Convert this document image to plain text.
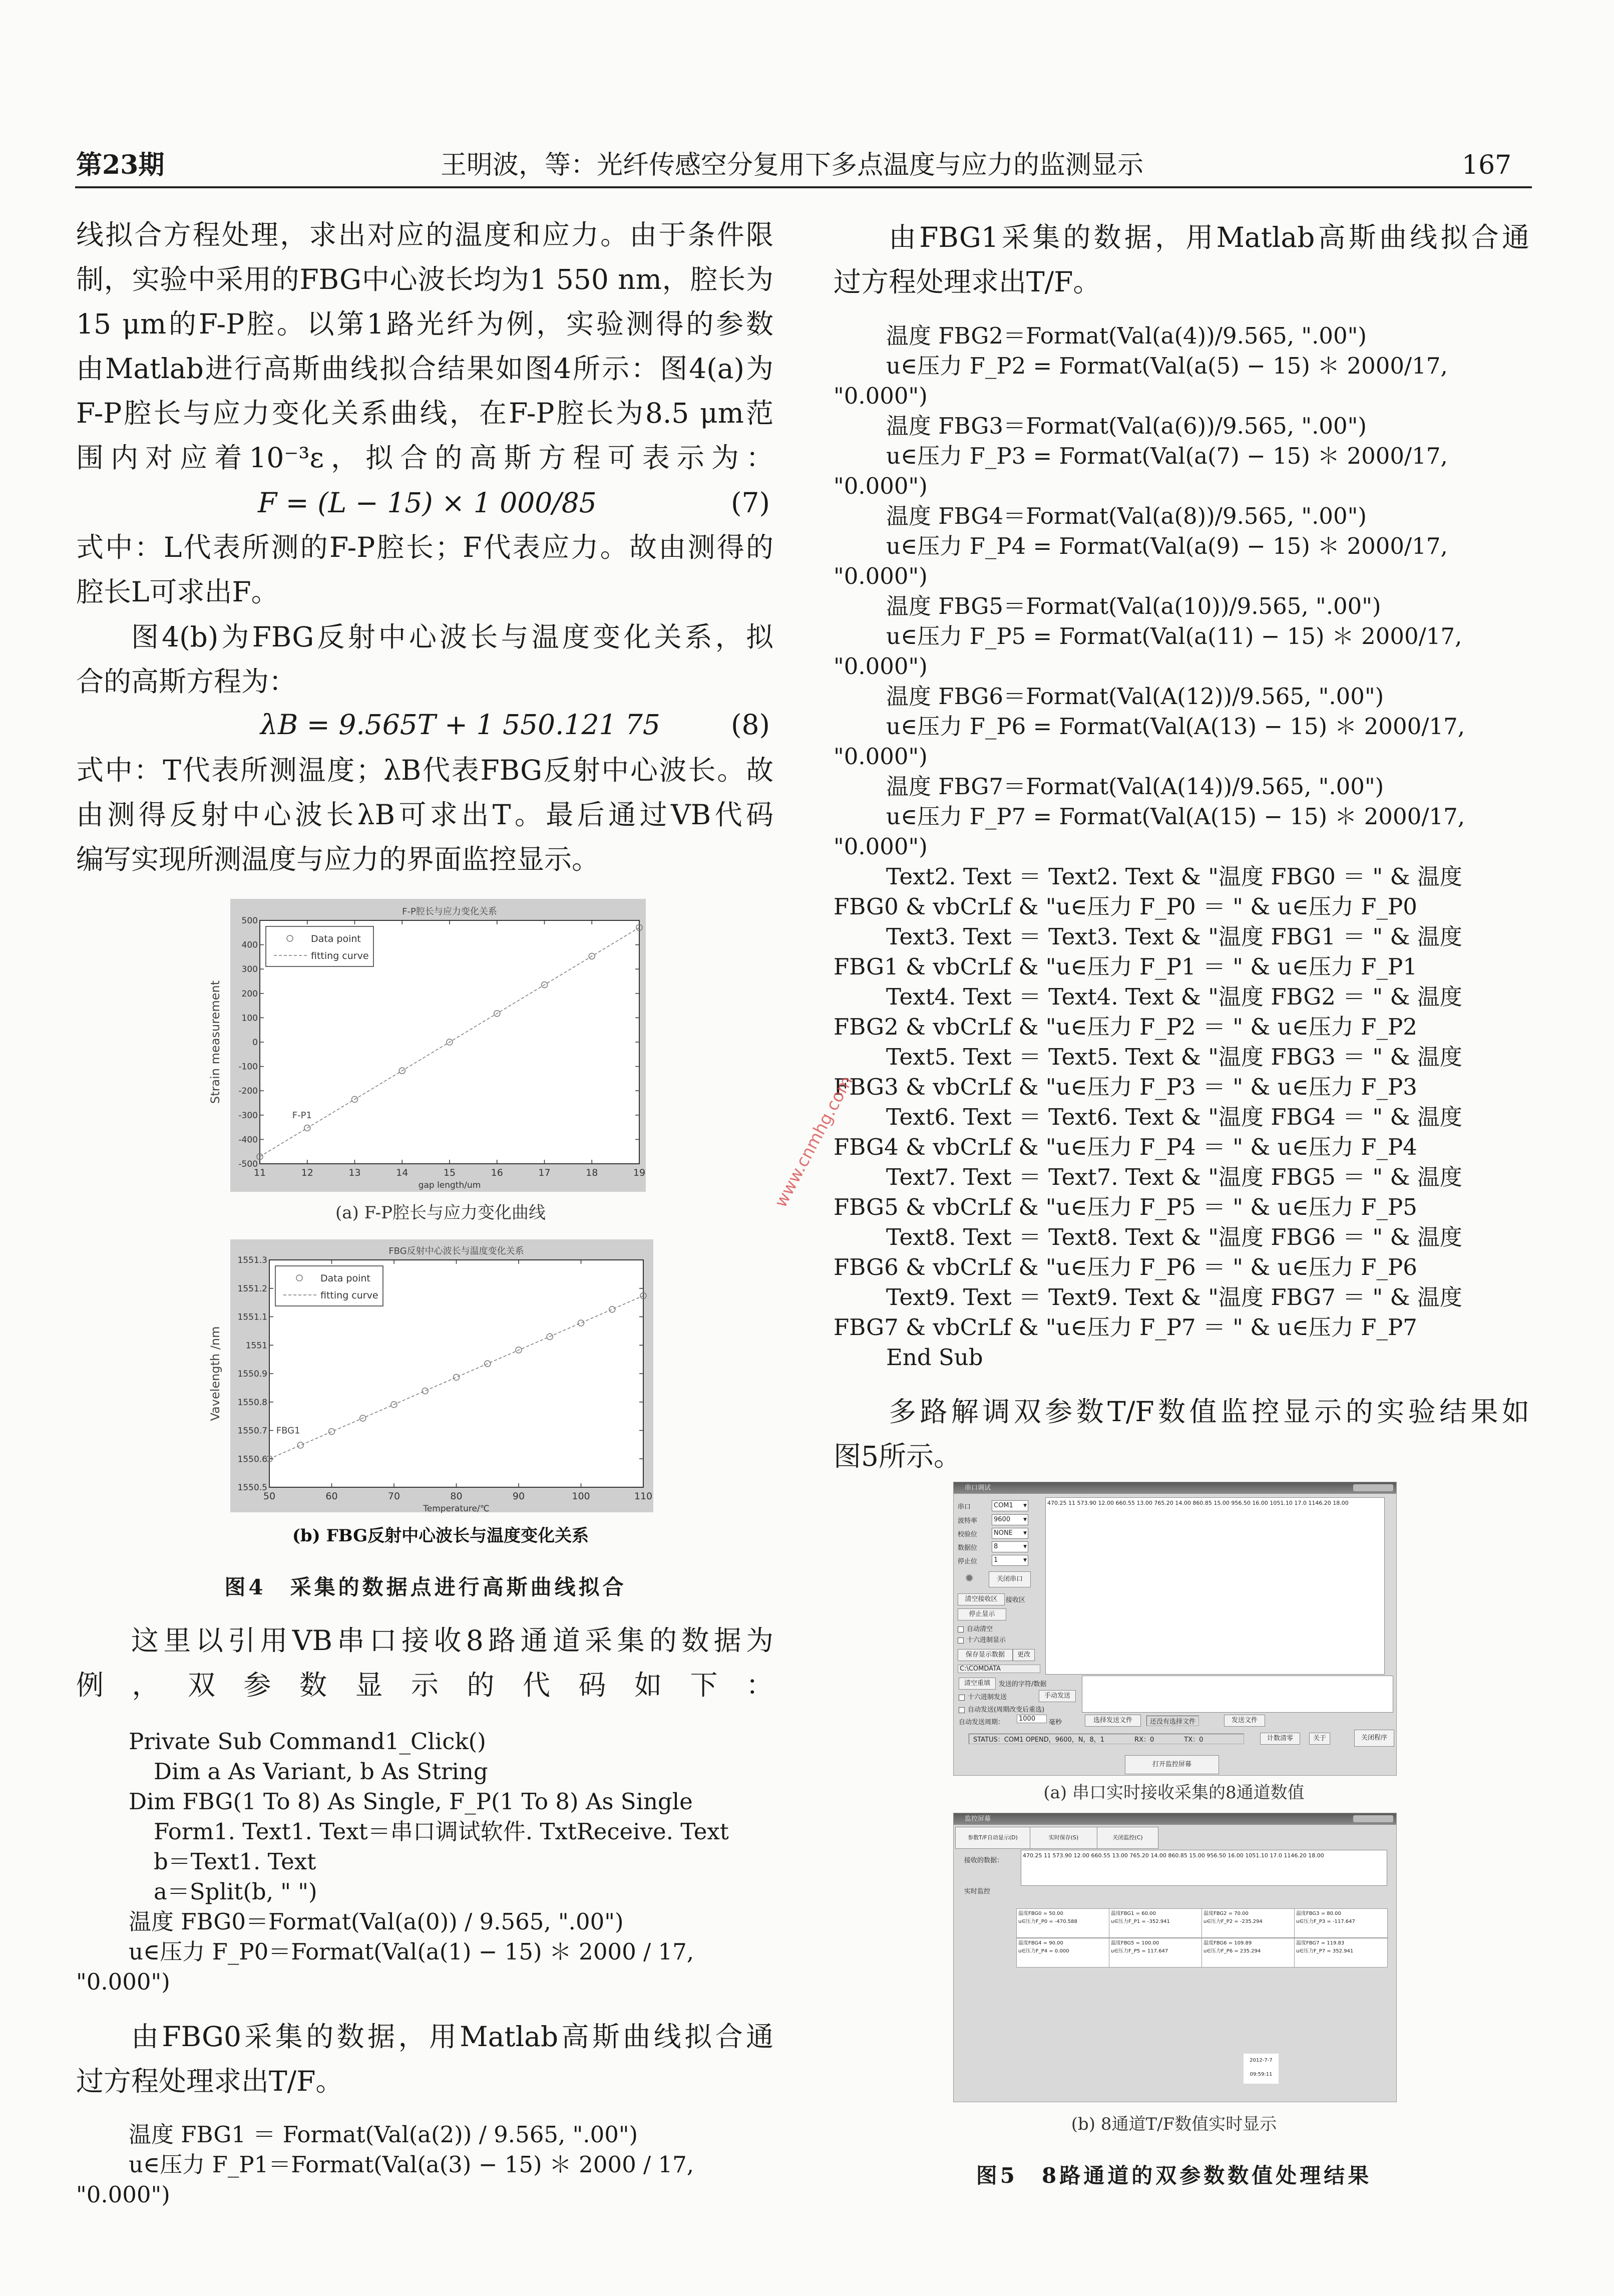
第23期	王明波，等：光纤传感空分复用下多点温度与应力的监测显示	167
线拟合方程处理，求出对应的温度和应力。由于条件限
制，实验中采用的FBG中心波长均为1 550 nm，腔长为
15 μm的F-P腔。以第1路光纤为例，实验测得的参数
由Matlab进行高斯曲线拟合结果如图4所示：图4(a)为
F-P腔长与应力变化关系曲线，在F-P腔长为8.5 μm范
围内对应着10⁻³ε，拟合的高斯方程可表示为：
F = (L − 15) × 1 000/85	(7)
式中：L代表所测的F-P腔长；F代表应力。故由测得的
腔长L可求出F。
图4(b)为FBG反射中心波长与温度变化关系，拟
合的高斯方程为：
λB = 9.565T + 1 550.121 75	(8)
式中：T代表所测温度；λB代表FBG反射中心波长。故
由测得反射中心波长λB可求出T。最后通过VB代码
编写实现所测温度与应力的界面监控显示。
F-P腔长与应力变化关系
11	12	13	14	15	16	17	18	19
-500
-400
-300
-200
-100
0
100
200
300
400
500
gap length/um
Strain measurement
Data point
fitting curve
F-P1
(a) F-P腔长与应力变化曲线
FBG反射中心波长与温度变化关系
50	60	70	80	90	100	110
1550.5
1550.6
1550.7
1550.8
1550.9
1551
1551.1
1551.2
1551.3
Temperature/℃
Vavelength /nm
Data point
fitting curve
FBG1
(b) FBG反射中心波长与温度变化关系
图4　采集的数据点进行高斯曲线拟合
这里以引用VB串口接收8路通道采集的数据为
例，双参数显示的代码如下：
Private Sub Command1_Click()
Dim a As Variant, b As String
Dim FBG(1 To 8) As Single, F_P(1 To 8) As Single
Form1. Text1. Text＝串口调试软件. TxtReceive. Text
b＝Text1. Text
a＝Split(b, " ")
温度 FBG0＝Format(Val(a(0)) / 9.565, ".00")
u∈压力 F_P0＝Format(Val(a(1) − 15) ＊ 2000 / 17,
"0.000")
由FBG0采集的数据，用Matlab高斯曲线拟合通
过方程处理求出T/F。
温度 FBG1 ＝ Format(Val(a(2)) / 9.565, ".00")
u∈压力 F_P1＝Format(Val(a(3) − 15) ＊ 2000 / 17,
"0.000")
由FBG1采集的数据，用Matlab高斯曲线拟合通
过方程处理求出T/F。
温度 FBG2＝Format(Val(a(4))/9.565, ".00")
u∈压力 F_P2 = Format(Val(a(5) − 15) ＊ 2000/17,
"0.000")
温度 FBG3＝Format(Val(a(6))/9.565, ".00")
u∈压力 F_P3 = Format(Val(a(7) − 15) ＊ 2000/17,
"0.000")
温度 FBG4＝Format(Val(a(8))/9.565, ".00")
u∈压力 F_P4 = Format(Val(a(9) − 15) ＊ 2000/17,
"0.000")
温度 FBG5＝Format(Val(a(10))/9.565, ".00")
u∈压力 F_P5 = Format(Val(a(11) − 15) ＊ 2000/17,
"0.000")
温度 FBG6＝Format(Val(A(12))/9.565, ".00")
u∈压力 F_P6 = Format(Val(A(13) − 15) ＊ 2000/17,
"0.000")
温度 FBG7＝Format(Val(A(14))/9.565, ".00")
u∈压力 F_P7 = Format(Val(A(15) − 15) ＊ 2000/17,
"0.000")
Text2. Text ＝ Text2. Text & "温度 FBG0 ＝ " & 温度
FBG0 & vbCrLf & "u∈压力 F_P0 ＝ " & u∈压力 F_P0
Text3. Text ＝ Text3. Text & "温度 FBG1 ＝ " & 温度
FBG1 & vbCrLf & "u∈压力 F_P1 ＝ " & u∈压力 F_P1
Text4. Text ＝ Text4. Text & "温度 FBG2 ＝ " & 温度
FBG2 & vbCrLf & "u∈压力 F_P2 ＝ " & u∈压力 F_P2
Text5. Text ＝ Text5. Text & "温度 FBG3 ＝ " & 温度
FBG3 & vbCrLf & "u∈压力 F_P3 ＝ " & u∈压力 F_P3
Text6. Text ＝ Text6. Text & "温度 FBG4 ＝ " & 温度
FBG4 & vbCrLf & "u∈压力 F_P4 ＝ " & u∈压力 F_P4
Text7. Text ＝ Text7. Text & "温度 FBG5 ＝ " & 温度
FBG5 & vbCrLf & "u∈压力 F_P5 ＝ " & u∈压力 F_P5
Text8. Text ＝ Text8. Text & "温度 FBG6 ＝ " & 温度
FBG6 & vbCrLf & "u∈压力 F_P6 ＝ " & u∈压力 F_P6
Text9. Text ＝ Text9. Text & "温度 FBG7 ＝ " & 温度
FBG7 & vbCrLf & "u∈压力 F_P7 ＝ " & u∈压力 F_P7
End Sub
多路解调双参数T/F数值监控显示的实验结果如
图5所示。
串口调试
串口	COM1 ▼
波特率	9600	▼
校验位	NONE ▼
数据位	8	▼
停止位	1	▼
✹	关闭串口
清空接收区	接收区
停止显示
自动清空
十六进制显示
保存显示数据	更改
C:\COMDATA
470.25 11 573.90 12.00 660.55 13.00 765.20 14.00 860.85 15.00 956.50 16.00 1051.10 17.0 1146.20 18.00
清空重填	发送的字符/数据
十六进制发送	手动发送
自动发送(周期改变后重选)
自动发送周期：	1000	毫秒	选择发送文件	还没有选择文件	发送文件
STATUS：COM1 OPEND，9600，N，8，1	RX：0	TX：0	计数清零	关于	关闭程序
打开监控屏幕
(a) 串口实时接收采集的8通道数值
监控屏幕
参数T/F自动显示(D)	实时保存(S)	关闭监控(C)
接收的数据：
470.25 11 573.90 12.00 660.55 13.00 765.20 14.00 860.85 15.00 956.50 16.00 1051.10 17.0 1146.20 18.00
实时监控
温度FBG0 = 50.00
u∈压力F_P0 = -470.588
温度FBG1 = 60.00
u∈压力F_P1 = -352.941
温度FBG2 = 70.00
u∈压力F_P2 = -235.294
温度FBG3 = 80.00
u∈压力F_P3 = -117.647
温度FBG4 = 90.00
u∈压力F_P4 = 0.000
温度FBG5 = 100.00
u∈压力F_P5 = 117.647
温度FBG6 = 109.89
u∈压力F_P6 = 235.294
温度FBG7 = 119.83
u∈压力F_P7 = 352.941
2012-7-7
09:59:11
(b) 8通道T/F数值实时显示
图5　8路通道的双参数数值处理结果
www.cnmhg.com
